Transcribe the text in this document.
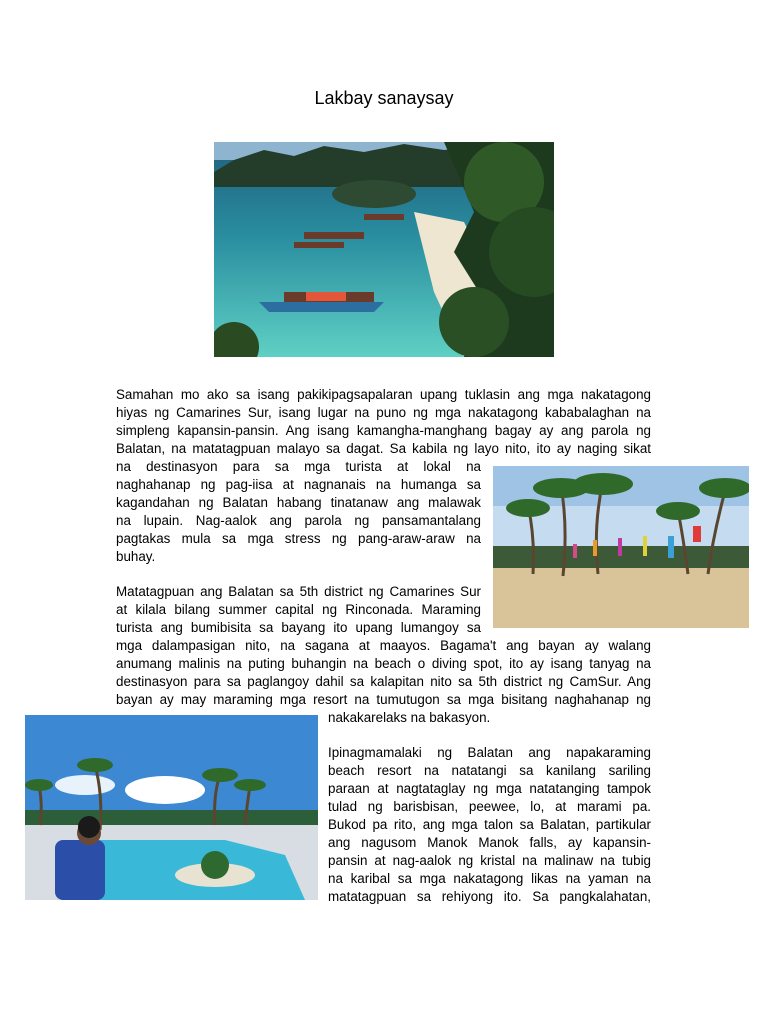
Lakbay sanaysay
Samahan mo ako sa isang pakikipagsapalaran upang tuklasin ang mga nakatagong
hiyas ng Camarines Sur, isang lugar na puno ng mga nakatagong kababalaghan na
simpleng kapansin-pansin. Ang isang kamangha-manghang bagay ay ang parola ng
Balatan, na matatagpuan malayo sa dagat. Sa kabila ng layo nito, ito ay naging sikat
na destinasyon para sa mga turista at lokal na
naghahanap ng pag-iisa at nagnanais na humanga sa
kagandahan ng Balatan habang tinatanaw ang malawak
na lupain. Nag-aalok ang parola ng pansamantalang
pagtakas mula sa mga stress ng pang-araw-araw na
buhay.
Matatagpuan ang Balatan sa 5th district ng Camarines Sur
at kilala bilang summer capital ng Rinconada. Maraming
turista ang bumibisita sa bayang ito upang lumangoy sa
mga dalampasigan nito, na sagana at maayos. Bagama't ang bayan ay walang
anumang malinis na puting buhangin na beach o diving spot, ito ay isang tanyag na
destinasyon para sa paglangoy dahil sa kalapitan nito sa 5th district ng CamSur. Ang
bayan ay may maraming mga resort na tumutugon sa mga bisitang naghahanap ng
nakakarelaks na bakasyon.
Ipinagmamalaki ng Balatan ang napakaraming
beach resort na natatangi sa kanilang sariling
paraan at nagtataglay ng mga natatanging tampok
tulad ng barisbisan, peewee, lo, at marami pa.
Bukod pa rito, ang mga talon sa Balatan, partikular
ang nagusom Manok Manok falls, ay kapansin-
pansin at nag-aalok ng kristal na malinaw na tubig
na karibal sa mga nakatagong likas na yaman na
matatagpuan sa rehiyong ito. Sa pangkalahatan,
